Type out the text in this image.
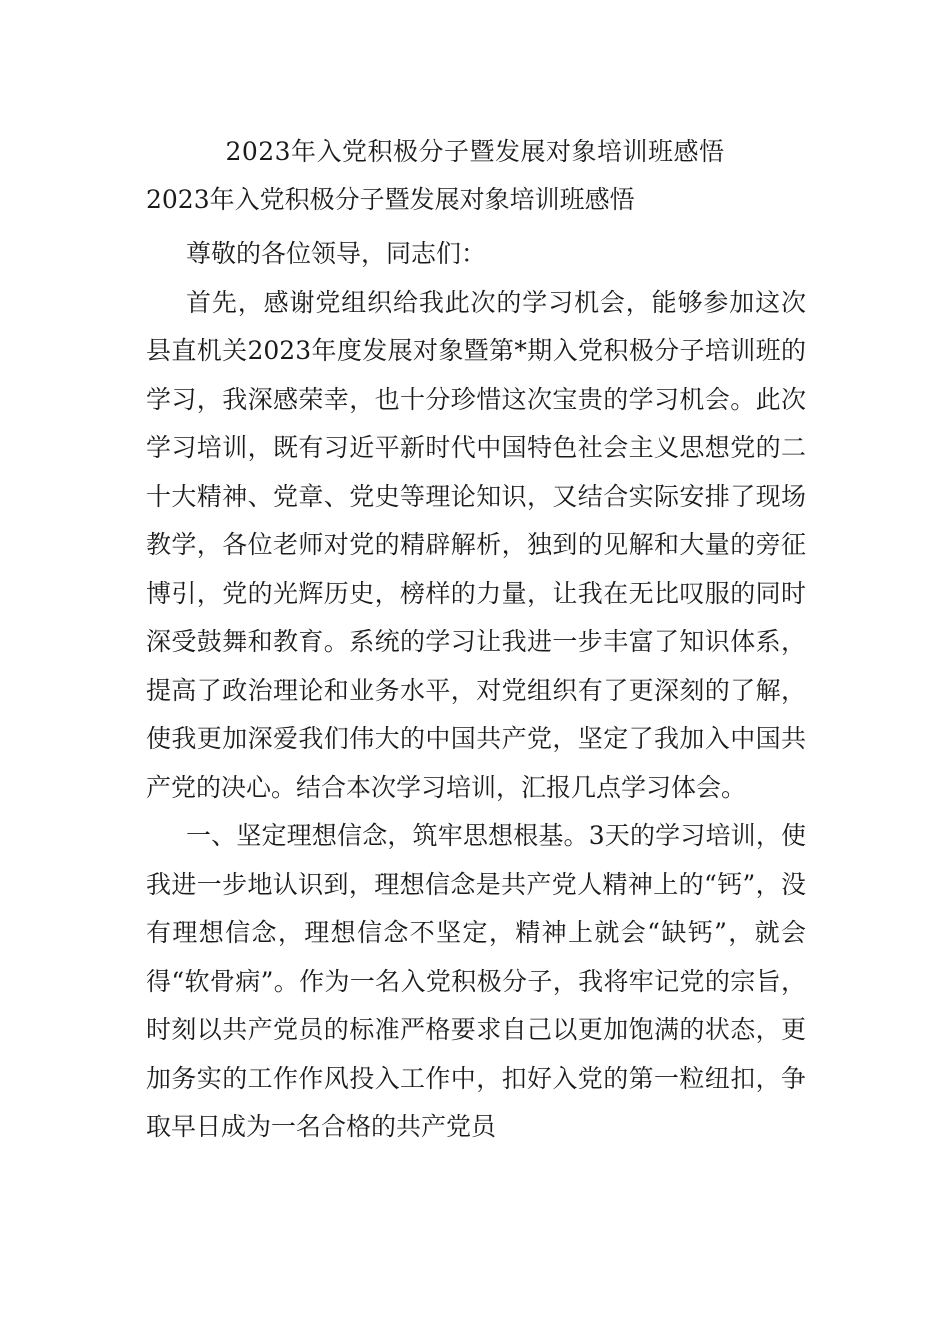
2023年入党积极分子暨发展对象培训班感悟
2023年入党积极分子暨发展对象培训班感悟

尊敬的各位领导，同志们：

首先，感谢党组织给我此次的学习机会，能够参加这次县直机关2023年度发展对象暨第*期入党积极分子培训班的学习，我深感荣幸，也十分珍惜这次宝贵的学习机会。此次学习培训，既有习近平新时代中国特色社会主义思想党的二十大精神、党章、党史等理论知识，又结合实际安排了现场教学，各位老师对党的精辟解析，独到的见解和大量的旁征博引，党的光辉历史，榜样的力量，让我在无比叹服的同时深受鼓舞和教育。系统的学习让我进一步丰富了知识体系，提高了政治理论和业务水平，对党组织有了更深刻的了解，使我更加深爱我们伟大的中国共产党，坚定了我加入中国共产党的决心。结合本次学习培训，汇报几点学习体会。

一、坚定理想信念，筑牢思想根基。3天的学习培训，使我进一步地认识到，理想信念是共产党人精神上的“钙”，没有理想信念，理想信念不坚定，精神上就会“缺钙”，就会得“软骨病”。作为一名入党积极分子，我将牢记党的宗旨，时刻以共产党员的标准严格要求自己以更加饱满的状态，更加务实的工作作风投入工作中，扣好入党的第一粒纽扣，争取早日成为一名合格的共产党员
